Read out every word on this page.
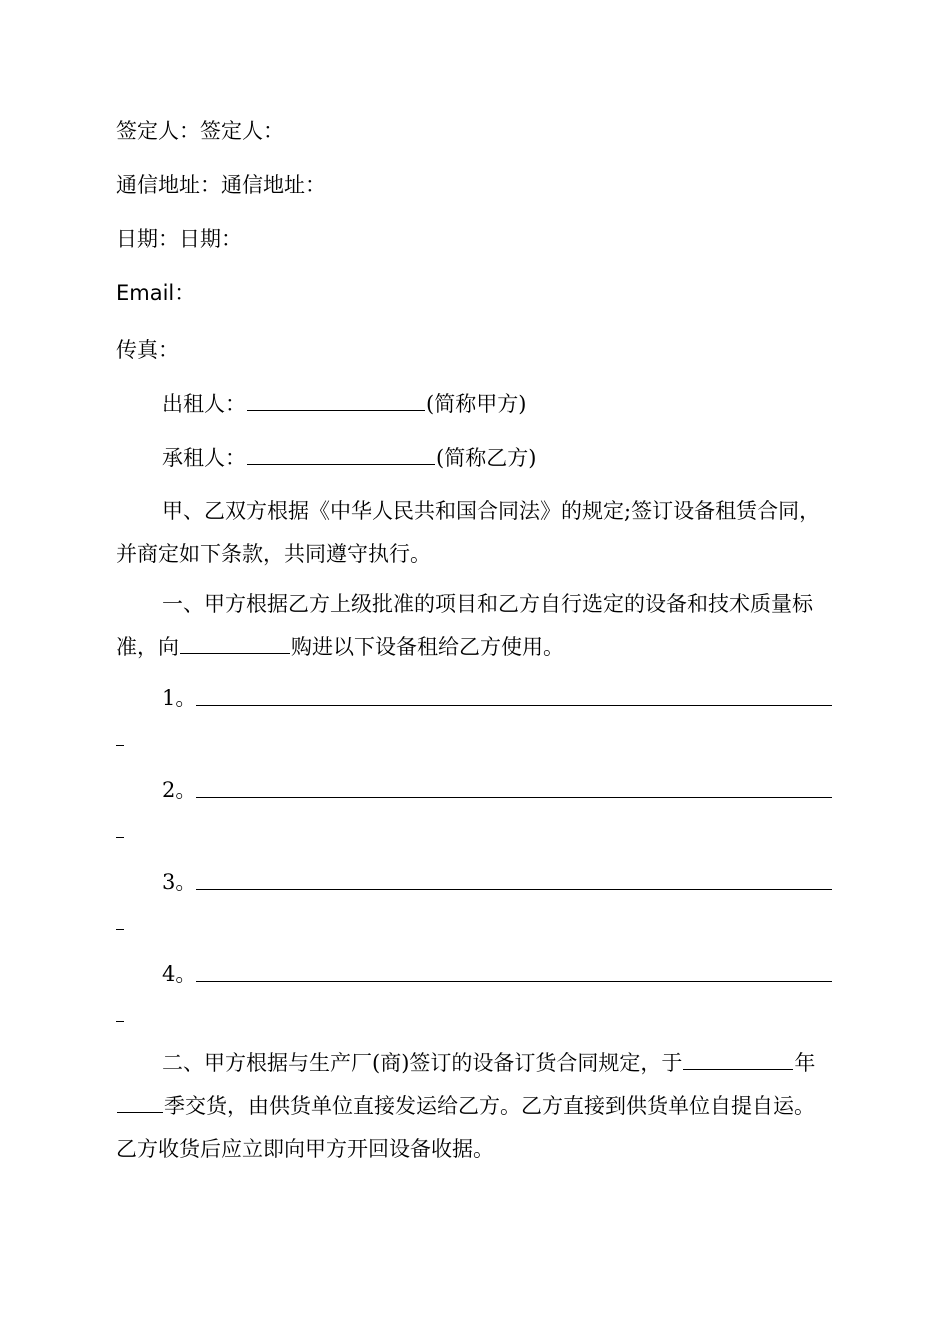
签定人：签定人：
通信地址：通信地址：
日期：日期：
Email：
传真：
出租人：	(简称甲方)
承租人：	(简称乙方)
甲、乙双方根据《中华人民共和国合同法》的规定;签订设备租赁合同，并商定如下条款，共同遵守执行。
一、甲方根据乙方上级批准的项目和乙方自行选定的设备和技术质量标准，向	购进以下设备租给乙方使用。
1。
2。
3。
4。
二、甲方根据与生产厂(商)签订的设备订货合同规定，于	年季交货，由供货单位直接发运给乙方。乙方直接到供货单位自提自运。乙方收货后应立即向甲方开回设备收据。
